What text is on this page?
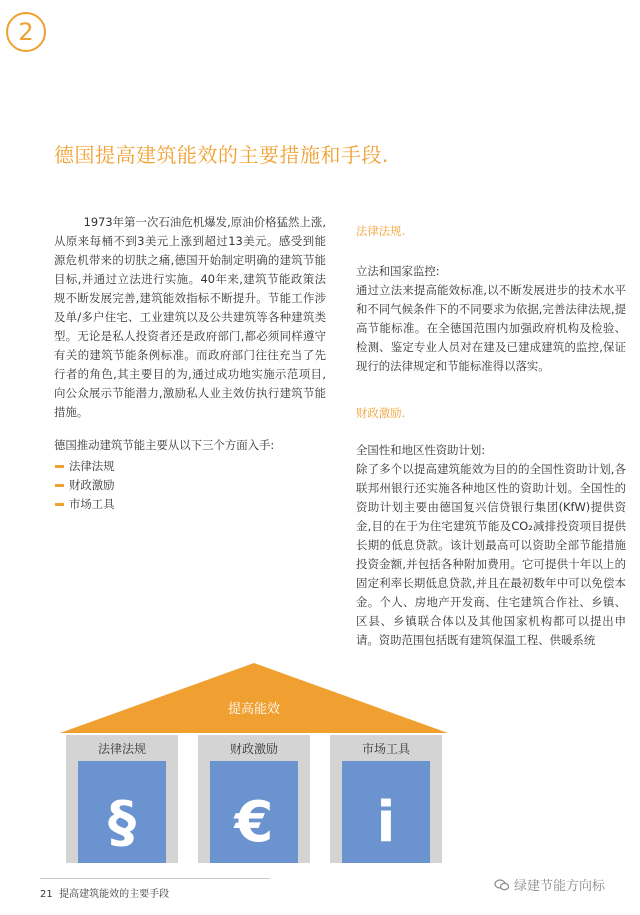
2
德国提高建筑能效的主要措施和手段.

1973年第一次石油危机爆发,原油价格猛然上涨,从原来每桶不到3美元上涨到超过13美元。感受到能源危机带来的切肤之痛,德国开始制定明确的建筑节能目标,并通过立法进行实施。40年来,建筑节能政策法规不断发展完善,建筑能效指标不断提升。节能工作涉及单/多户住宅、工业建筑以及公共建筑等各种建筑类型。无论是私人投资者还是政府部门,都必须同样遵守有关的建筑节能条例标准。而政府部门往往充当了先行者的角色,其主要目的为,通过成功地实施示范项目,向公众展示节能潜力,激励私人业主效仿执行建筑节能措施。

德国推动建筑节能主要从以下三个方面入手:

法律法规
财政激励
市场工具

法律法规.

立法和国家监控:

通过立法来提高能效标准,以不断发展进步的技术水平和不同气候条件下的不同要求为依据,完善法律法规,提高节能标准。在全德国范围内加强政府机构及检验、检测、鉴定专业人员对在建及已建成建筑的监控,保证现行的法律规定和节能标准得以落实。

财政激励.

全国性和地区性资助计划:

除了多个以提高建筑能效为目的的全国性资助计划,各联邦州银行还实施各种地区性的资助计划。全国性的资助计划主要由德国复兴信贷银行集团(KfW)提供资金,目的在于为住宅建筑节能及CO₂减排投资项目提供长期的低息贷款。该计划最高可以资助全部节能措施投资金额,并包括各种附加费用。它可提供十年以上的固定利率长期低息贷款,并且在最初数年中可以免偿本金。个人、房地产开发商、住宅建筑合作社、乡镇、区县、乡镇联合体以及其他国家机构都可以提出申请。资助范围包括既有建筑保温工程、供暖系统

提高能效
法律法规
§
财政激励
€
市场工具
i
21 提高建筑能效的主要手段
绿建节能方向标
